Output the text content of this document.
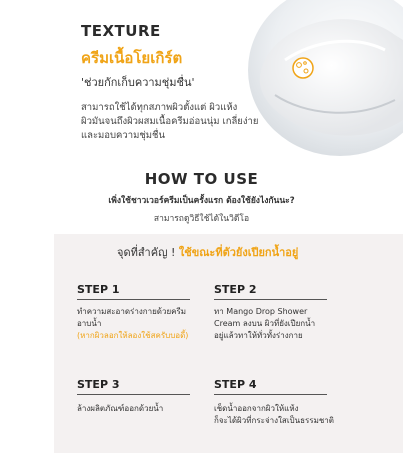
TEXTURE
ครีมเนื้อโยเกิร์ต
'ช่วยกักเก็บความชุ่มชื่น'
สามารถใช้ได้ทุกสภาพผิวตั้งแต่ ผิวแห้ง
ผิวมันจนถึงผิวผสมเนื้อครีมอ่อนนุ่ม เกลี่ยง่าย
และมอบความชุ่มชื่น
HOW TO USE
เพิ่งใช้ชาวเวอร์ครีมเป็นครั้งแรก ต้องใช้ยังไงกันนะ?
สามารถดูวิธีใช้ได้ในวิดีโอ
จุดที่สำคัญ ! ใช้ขณะที่ตัวยังเปียกน้ำอยู่
STEP 1
ทำความสะอาดร่างกายด้วยครีม
อาบน้ำ
(หากผิวลอกให้ลองใช้สครับบอดี้)
STEP 2
ทา Mango Drop Shower
Cream ลงบน ผิวที่ยังเปียกน้ำ
อยู่แล้วทาให้ทั่วทั้งร่างกาย
STEP 3
ล้างผลิตภัณฑ์ออกด้วยน้ำ
STEP 4
เช็ดน้ำออกจากผิวให้แห้ง
ก็จะได้ผิวที่กระจ่างใสเป็นธรรมชาติ
